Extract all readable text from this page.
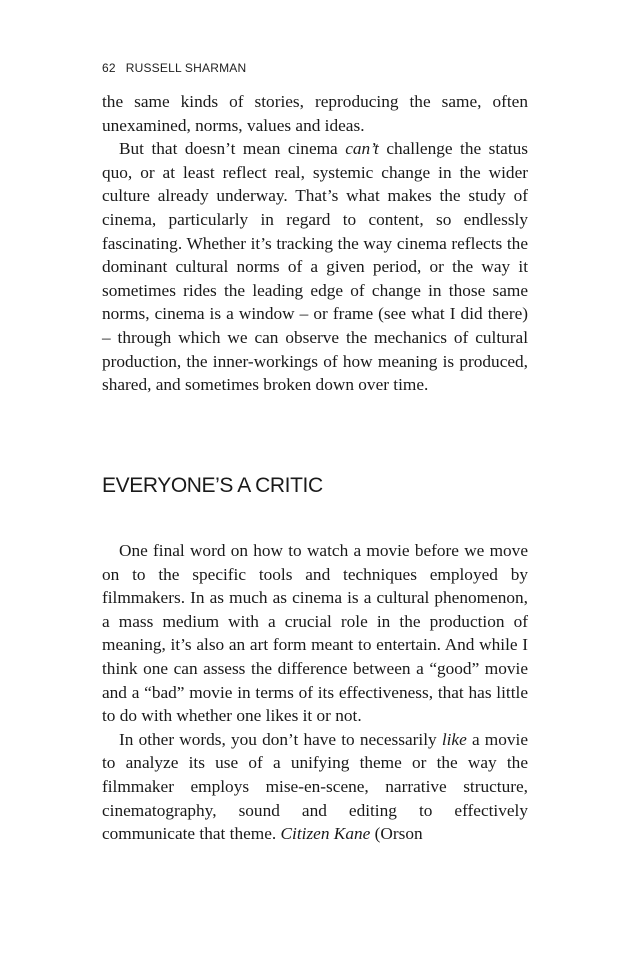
62 RUSSELL SHARMAN

the same kinds of stories, reproducing the same, often unexamined, norms, values and ideas.

But that doesn’t mean cinema can’t challenge the status quo, or at least reflect real, systemic change in the wider culture already underway. That’s what makes the study of cinema, particularly in regard to content, so endlessly fascinating. Whether it’s tracking the way cinema reflects the dominant cultural norms of a given period, or the way it sometimes rides the leading edge of change in those same norms, cinema is a window – or frame (see what I did there) – through which we can observe the mechanics of cultural production, the inner-workings of how meaning is produced, shared, and sometimes broken down over time.

EVERYONE’S A CRITIC

One final word on how to watch a movie before we move on to the specific tools and techniques employed by filmmakers. In as much as cinema is a cultural phenomenon, a mass medium with a crucial role in the production of meaning, it’s also an art form meant to entertain. And while I think one can assess the difference between a “good” movie and a “bad” movie in terms of its effectiveness, that has little to do with whether one likes it or not.

In other words, you don’t have to necessarily like a movie to analyze its use of a unifying theme or the way the filmmaker employs mise-en-scene, narrative structure, cinematography, sound and editing to effectively communicate that theme. Citizen Kane (Orson
